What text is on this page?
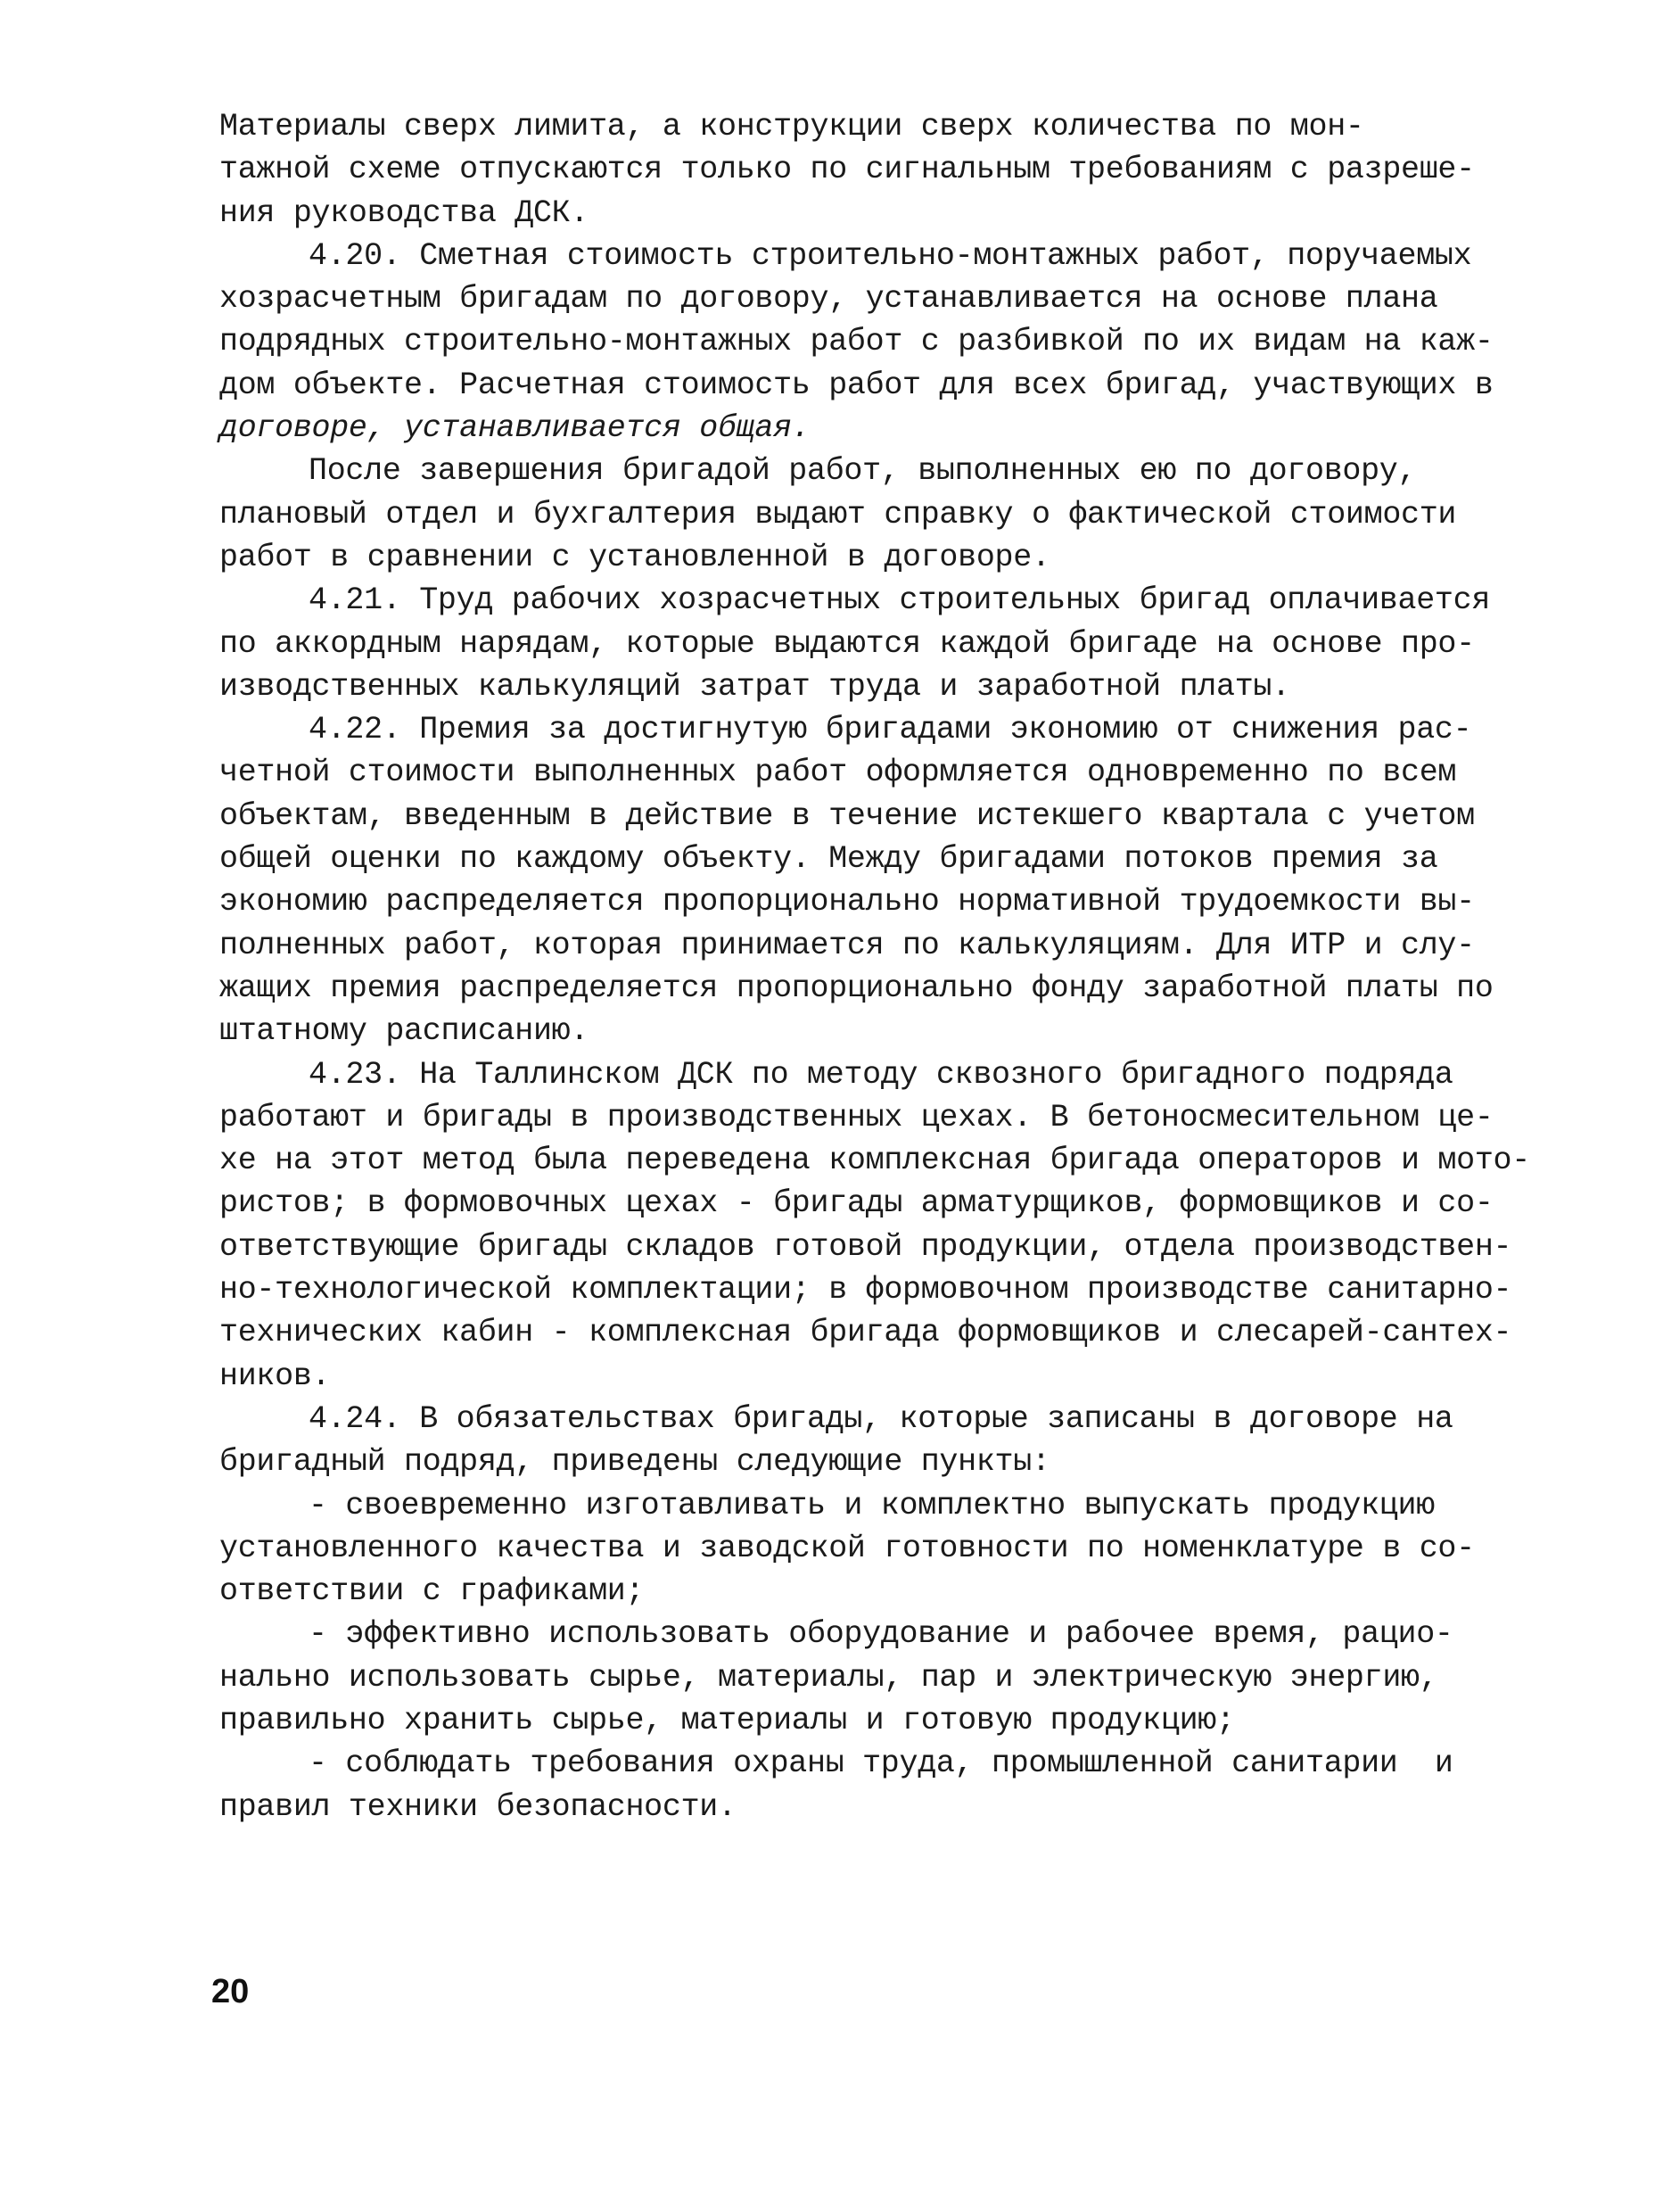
Материалы сверх лимита, а конструкции сверх количества по мон-
тажной схеме отпускаются только по сигнальным требованиям с разреше-
ния руководства ДСК.
4.20. Сметная стоимость строительно-монтажных работ, поручаемых
хозрасчетным бригадам по договору, устанавливается на основе плана
подрядных строительно-монтажных работ с разбивкой по их видам на каж-
дом объекте. Расчетная стоимость работ для всех бригад, участвующих в
договоре, устанавливается общая.
После завершения бригадой работ, выполненных ею по договору,
плановый отдел и бухгалтерия выдают справку о фактической стоимости
работ в сравнении с установленной в договоре.
4.21. Труд рабочих хозрасчетных строительных бригад оплачивается
по аккордным нарядам, которые выдаются каждой бригаде на основе про-
изводственных калькуляций затрат труда и заработной платы.
4.22. Премия за достигнутую бригадами экономию от снижения рас-
четной стоимости выполненных работ оформляется одновременно по всем
объектам, введенным в действие в течение истекшего квартала с учетом
общей оценки по каждому объекту. Между бригадами потоков премия за
экономию распределяется пропорционально нормативной трудоемкости вы-
полненных работ, которая принимается по калькуляциям. Для ИТР и слу-
жащих премия распределяется пропорционально фонду заработной платы по
штатному расписанию.
4.23. На Таллинском ДСК по методу сквозного бригадного подряда
работают и бригады в производственных цехах. В бетоносмесительном це-
хе на этот метод была переведена комплексная бригада операторов и мото-
ристов; в формовочных цехах - бригады арматурщиков, формовщиков и со-
ответствующие бригады складов готовой продукции, отдела производствен-
но-технологической комплектации; в формовочном производстве санитарно-
технических кабин - комплексная бригада формовщиков и слесарей-сантех-
ников.
4.24. В обязательствах бригады, которые записаны в договоре на
бригадный подряд, приведены следующие пункты:
- своевременно изготавливать и комплектно выпускать продукцию
установленного качества и заводской готовности по номенклатуре в со-
ответствии с графиками;
- эффективно использовать оборудование и рабочее время, рацио-
нально использовать сырье, материалы, пар и электрическую энергию,
правильно хранить сырье, материалы и готовую продукцию;
- соблюдать требования охраны труда, промышленной санитарии  и
правил техники безопасности.
20
